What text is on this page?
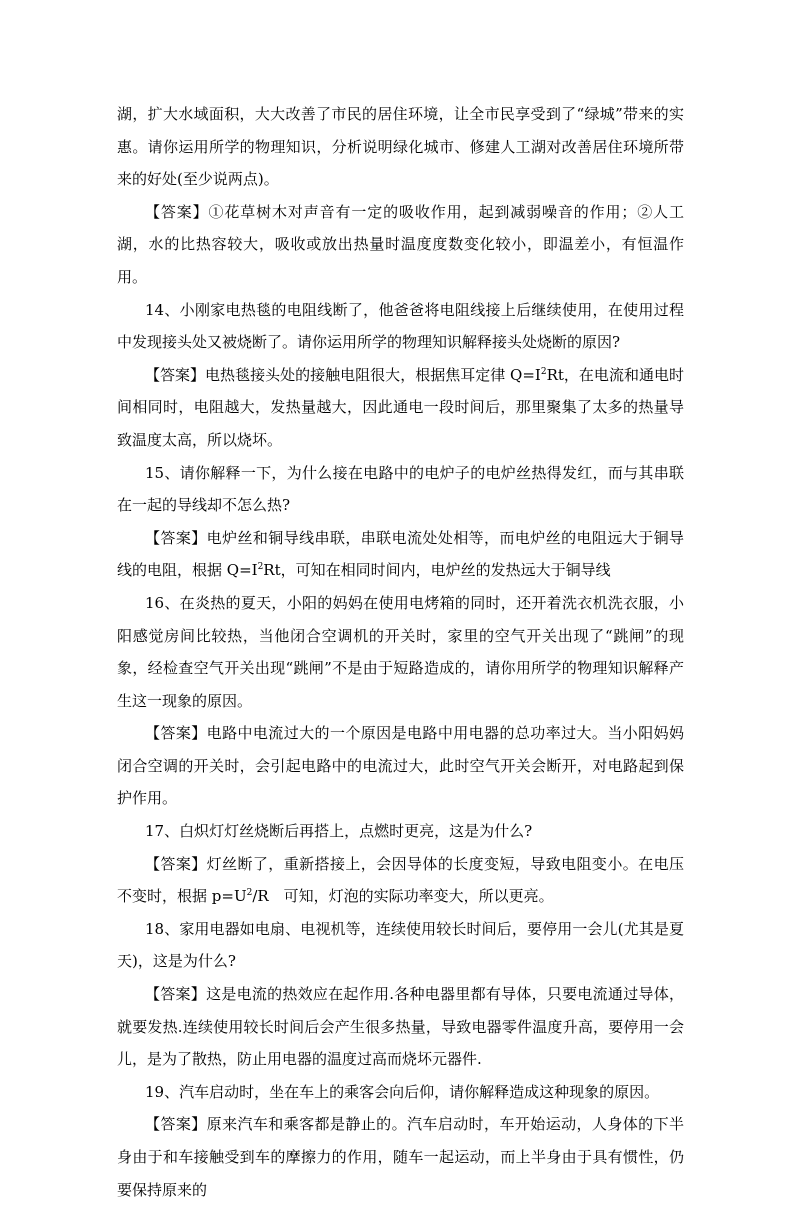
湖，扩大水域面积，大大改善了市民的居住环境，让全市民享受到了“绿城”带来的实惠。请你运用所学的物理知识，分析说明绿化城市、修建人工湖对改善居住环境所带来的好处(至少说两点)。

【答案】①花草树木对声音有一定的吸收作用，起到减弱噪音的作用；②人工湖，水的比热容较大，吸收或放出热量时温度度数变化较小，即温差小，有恒温作用。

14、小刚家电热毯的电阻线断了，他爸爸将电阻线接上后继续使用，在使用过程中发现接头处又被烧断了。请你运用所学的物理知识解释接头处烧断的原因?

【答案】电热毯接头处的接触电阻很大，根据焦耳定律 $Q=I^2Rt$，在电流和通电时间相同时，电阻越大，发热量越大，因此通电一段时间后，那里聚集了太多的热量导致温度太高，所以烧坏。

15、请你解释一下，为什么接在电路中的电炉子的电炉丝热得发红，而与其串联在一起的导线却不怎么热?

【答案】电炉丝和铜导线串联，串联电流处处相等，而电炉丝的电阻远大于铜导线的电阻，根据 $Q=I^2Rt$，可知在相同时间内，电炉丝的发热远大于铜导线

16、在炎热的夏天，小阳的妈妈在使用电烤箱的同时，还开着洗衣机洗衣服，小阳感觉房间比较热，当他闭合空调机的开关时，家里的空气开关出现了“跳闸”的现象，经检查空气开关出现“跳闸”不是由于短路造成的，请你用所学的物理知识解释产生这一现象的原因。

【答案】电路中电流过大的一个原因是电路中用电器的总功率过大。当小阳妈妈闭合空调的开关时，会引起电路中的电流过大，此时空气开关会断开，对电路起到保护作用。

17、白炽灯灯丝烧断后再搭上，点燃时更亮，这是为什么?

【答案】灯丝断了，重新搭接上，会因导体的长度变短，导致电阻变小。在电压不变时，根据 $p=U^2/R$　可知，灯泡的实际功率变大，所以更亮。

18、家用电器如电扇、电视机等，连续使用较长时间后，要停用一会儿(尤其是夏天)，这是为什么?

【答案】这是电流的热效应在起作用.各种电器里都有导体，只要电流通过导体，就要发热.连续使用较长时间后会产生很多热量，导致电器零件温度升高，要停用一会儿，是为了散热，防止用电器的温度过高而烧坏元器件.

19、汽车启动时，坐在车上的乘客会向后仰，请你解释造成这种现象的原因。

【答案】原来汽车和乘客都是静止的。汽车启动时，车开始运动，人身体的下半身由于和车接触受到车的摩擦力的作用，随车一起运动，而上半身由于具有惯性，仍要保持原来的
